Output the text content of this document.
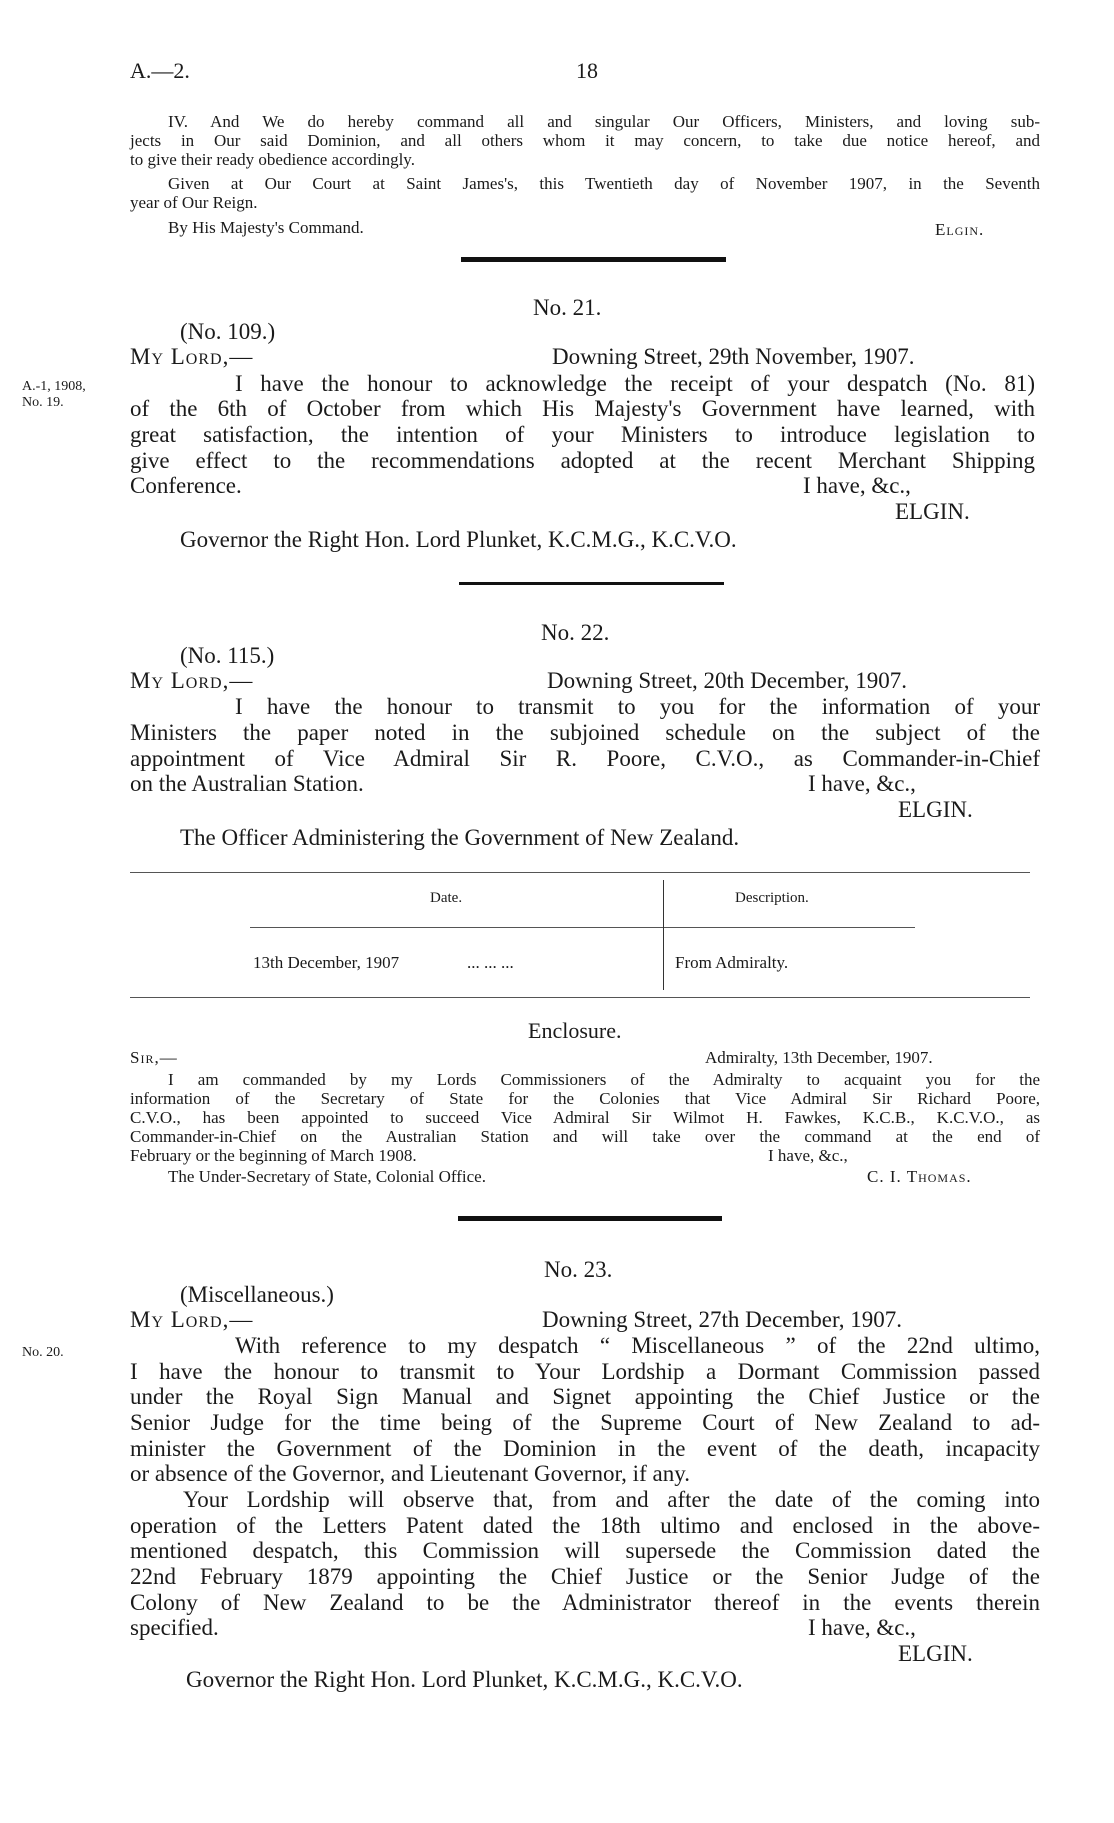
A.—2.	18
IV. And We do hereby command all and singular Our Officers, Ministers, and loving sub-
jects in Our said Dominion, and all others whom it may concern, to take due notice hereof, and
to give their ready obedience accordingly.
Given at Our Court at Saint James's, this Twentieth day of November 1907, in the Seventh
year of Our Reign.
By His Majesty's Command.	Elgin.
No. 21.
(No. 109.)
My Lord,—	Downing Street, 29th November, 1907.
A.-1, 1908,
No. 19.
I have the honour to acknowledge the receipt of your despatch (No. 81)
of the 6th of October from which His Majesty's Government have learned, with
great satisfaction, the intention of your Ministers to introduce legislation to
give effect to the recommendations adopted at the recent Merchant Shipping
Conference.	I have, &c.,
ELGIN.
Governor the Right Hon. Lord Plunket, K.C.M.G., K.C.V.O.
No. 22.
(No. 115.)
My Lord,—	Downing Street, 20th December, 1907.
I have the honour to transmit to you for the information of your
Ministers the paper noted in the subjoined schedule on the subject of the
appointment of Vice Admiral Sir R. Poore, C.V.O., as Commander-in-Chief
on the Australian Station.	I have, &c.,
ELGIN.
The Officer Administering the Government of New Zealand.
Date.	Description.
13th December, 1907	... ... ...	From Admiralty.
Enclosure.
Sir,—	Admiralty, 13th December, 1907.
I am commanded by my Lords Commissioners of the Admiralty to acquaint you for the
information of the Secretary of State for the Colonies that Vice Admiral Sir Richard Poore,
C.V.O., has been appointed to succeed Vice Admiral Sir Wilmot H. Fawkes, K.C.B., K.C.V.O., as
Commander-in-Chief on the Australian Station and will take over the command at the end of
February or the beginning of March 1908.	I have, &c.,
The Under-Secretary of State, Colonial Office.	C. I. Thomas.
No. 23.
(Miscellaneous.)
My Lord,—	Downing Street, 27th December, 1907.
No. 20.	With reference to my despatch “ Miscellaneous ” of the 22nd ultimo,
I have the honour to transmit to Your Lordship a Dormant Commission passed
under the Royal Sign Manual and Signet appointing the Chief Justice or the
Senior Judge for the time being of the Supreme Court of New Zealand to ad-
minister the Government of the Dominion in the event of the death, incapacity
or absence of the Governor, and Lieutenant Governor, if any.
Your Lordship will observe that, from and after the date of the coming into
operation of the Letters Patent dated the 18th ultimo and enclosed in the above-
mentioned despatch, this Commission will supersede the Commission dated the
22nd February 1879 appointing the Chief Justice or the Senior Judge of the
Colony of New Zealand to be the Administrator thereof in the events therein
specified.	I have, &c.,
ELGIN.
Governor the Right Hon. Lord Plunket, K.C.M.G., K.C.V.O.
